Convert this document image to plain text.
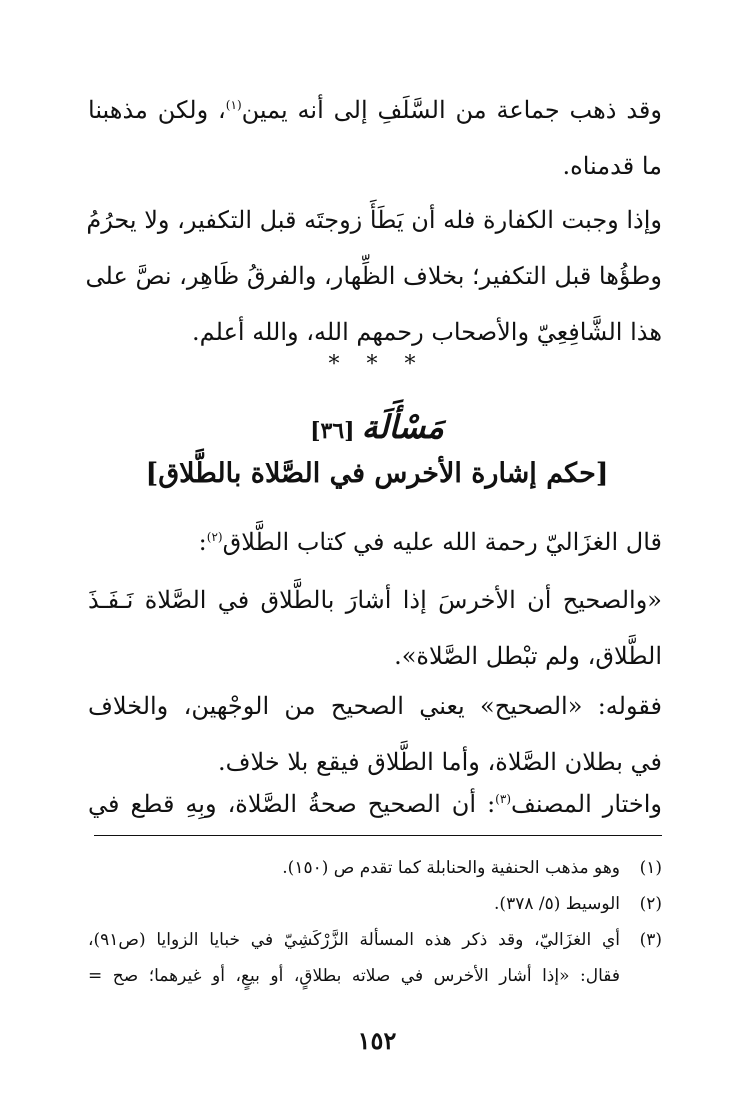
وقد ذهب جماعة من السَّلَفِ إلى أنه يمين$^{(١)}$، ولكن مذهبنا
ما قدمناه.

وإذا وجبت الكفارة فله أن يَطَأَ زوجتَه قبل التكفير، ولا يحرُمُ
وطؤُها قبل التكفير؛ بخلاف الظِّهار، والفرقُ ظَاهِر، نصَّ على
هذا الشَّافِعِيّ والأصحاب رحمهم الله، والله أعلم.

* * *

مَسْأَلَة [٣٦]

[حكم إشارة الأخرس في الصَّلاة بالطَّلاق]

قال الغزَاليّ رحمة الله عليه في كتاب الطَّلاق$^{(٢)}$:

«والصحيح أن الأخرسَ إذا أشارَ بالطَّلاق في الصَّلاة نَـفَـذَ
الطَّلاق، ولم تبْطل الصَّلاة».

فقوله: «الصحيح» يعني الصحيح من الوجْهين، والخلاف
في بطلان الصَّلاة، وأما الطَّلاق فيقع بلا خلاف.

واختار المصنف$^{(٣)}$: أن الصحيح صحةُ الصَّلاة، وبِهِ قطع في

(١)
وهو مذهب الحنفية والحنابلة كما تقدم ص (١٥٠).
(٢)
الوسيط (٥/ ٣٧٨).
(٣)
أي الغزَاليّ، وقد ذكر هذه المسألة الزَّرْكَشِيّ في خبايا الزوايا (ص٩١)،
فقال: «إذا أشار الأخرس في صلاته بطلاقٍ، أو بيعٍ، أو غيرهما؛ صح =

١٥٢
